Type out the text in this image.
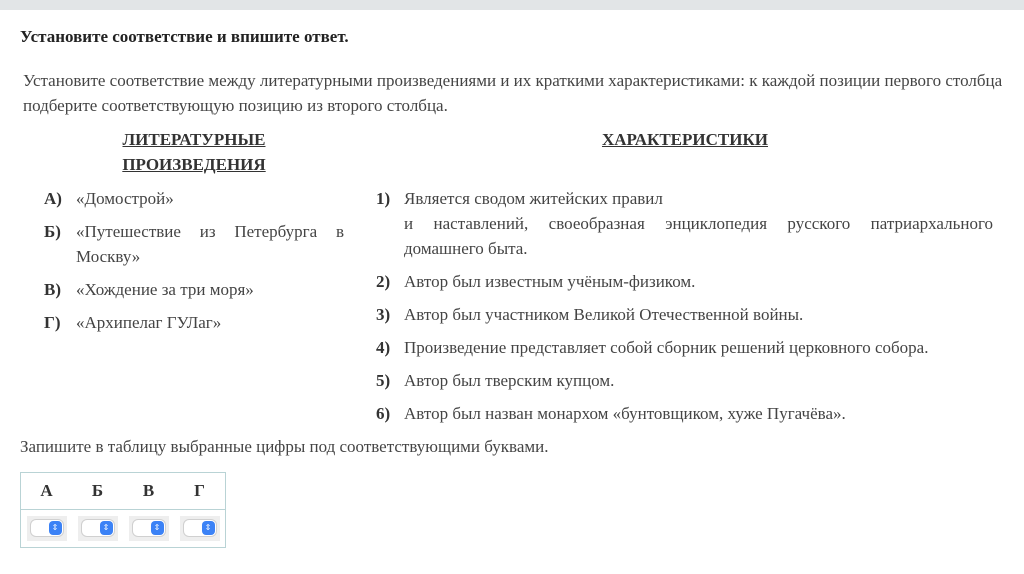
Установите соответствие и впишите ответ.
Установите соответствие между литературными произведениями и их краткими характеристиками: к каждой позиции первого столбца подберите соответствующую позицию из второго столбца.
ЛИТЕРАТУРНЫЕ
ПРОИЗВЕДЕНИЯ
ХАРАКТЕРИСТИКИ
А) «Домострой»
Б) «Путешествие из Петербурга в Москву»
В) «Хождение за три моря»
Г) «Архипелаг ГУЛаг»
1) Является сводом житейских правил
и наставлений, своеобразная энциклопедия русского патриархального домашнего быта.
2) Автор был известным учёным-физиком.
3) Автор был участником Великой Отечественной войны.
4) Произведение представляет собой сборник решений церковного собора.
5) Автор был тверским купцом.
6) Автор был назван монархом «бунтовщиком, хуже Пугачёва».
Запишите в таблицу выбранные цифры под соответствующими буквами.
А	Б	В	Г

⇕	⇕	⇕	⇕
